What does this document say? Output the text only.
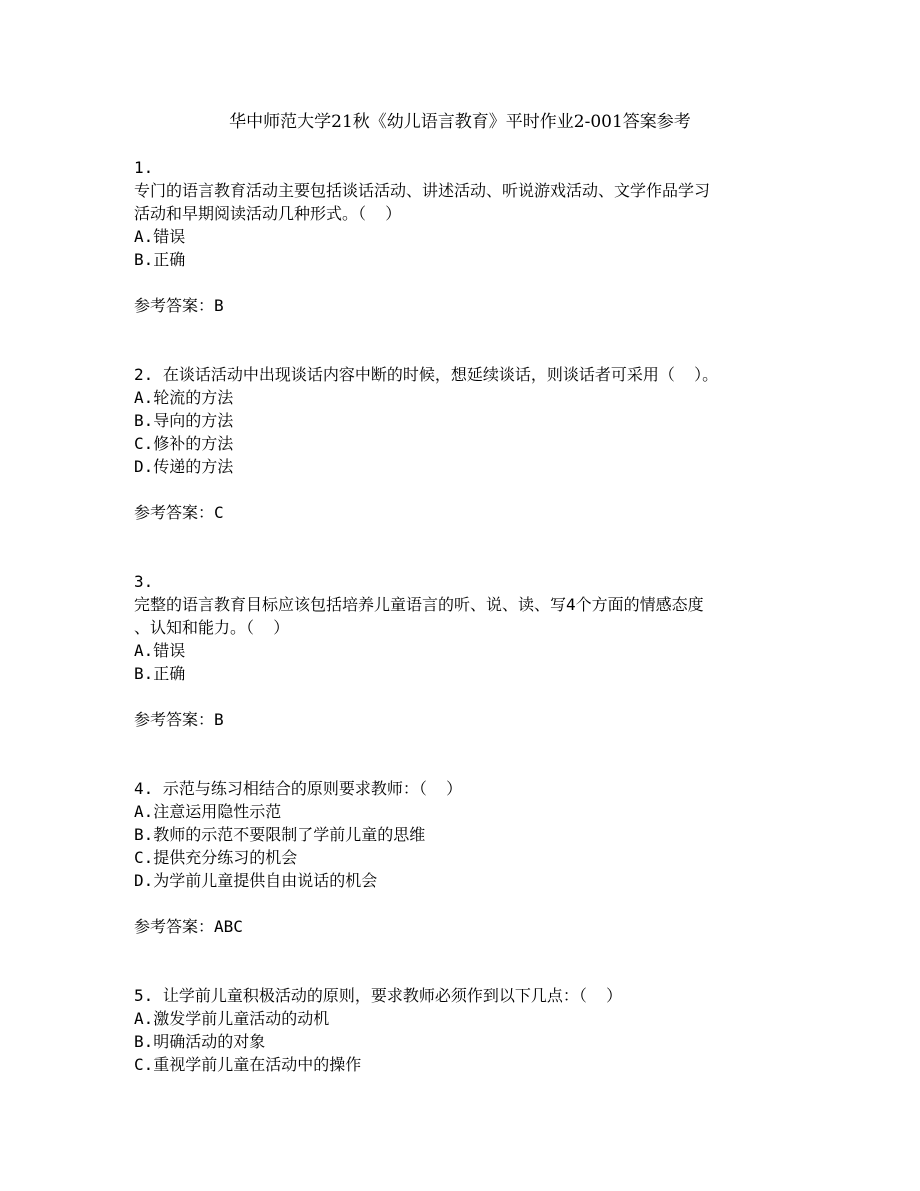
华中师范大学21秋《幼儿语言教育》平时作业2-001答案参考
1.
专门的语言教育活动主要包括谈话活动、讲述活动、听说游戏活动、文学作品学习
活动和早期阅读活动几种形式。（  ）
A.错误
B.正确
参考答案：B
2. 在谈话活动中出现谈话内容中断的时候，想延续谈话，则谈话者可采用（  ）。
A.轮流的方法
B.导向的方法
C.修补的方法
D.传递的方法
参考答案：C
3.
完整的语言教育目标应该包括培养儿童语言的听、说、读、写4个方面的情感态度
、认知和能力。（  ）
A.错误
B.正确
参考答案：B
4. 示范与练习相结合的原则要求教师：（  ）
A.注意运用隐性示范
B.教师的示范不要限制了学前儿童的思维
C.提供充分练习的机会
D.为学前儿童提供自由说话的机会
参考答案：ABC
5. 让学前儿童积极活动的原则，要求教师必须作到以下几点：（  ）
A.激发学前儿童活动的动机
B.明确活动的对象
C.重视学前儿童在活动中的操作
